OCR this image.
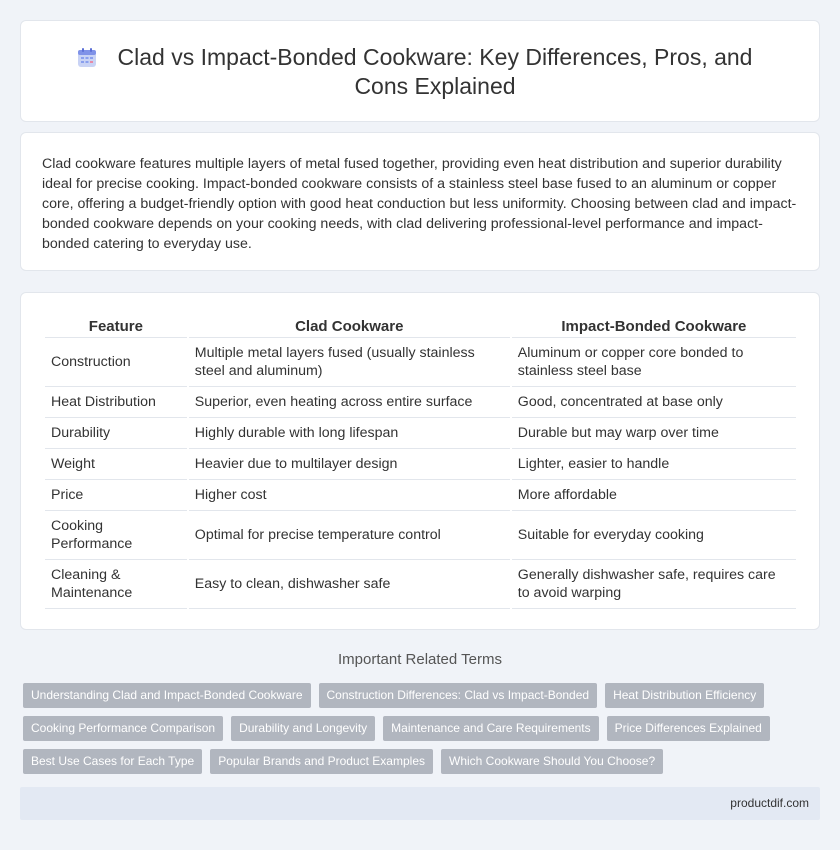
Clad vs Impact-Bonded Cookware: Key Differences, Pros, and Cons Explained

Clad cookware features multiple layers of metal fused together, providing even heat distribution and superior durability ideal for precise cooking. Impact-bonded cookware consists of a stainless steel base fused to an aluminum or copper core, offering a budget-friendly option with good heat conduction but less uniformity. Choosing between clad and impact-bonded cookware depends on your cooking needs, with clad delivering professional-level performance and impact-bonded catering to everyday use.

Feature	Clad Cookware	Impact-Bonded Cookware
Construction	Multiple metal layers fused (usually stainless steel and aluminum)	Aluminum or copper core bonded to stainless steel base
Heat Distribution	Superior, even heating across entire surface	Good, concentrated at base only
Durability	Highly durable with long lifespan	Durable but may warp over time
Weight	Heavier due to multilayer design	Lighter, easier to handle
Price	Higher cost	More affordable
Cooking Performance	Optimal for precise temperature control	Suitable for everyday cooking
Cleaning & Maintenance	Easy to clean, dishwasher safe	Generally dishwasher safe, requires care to avoid warping
Important Related Terms
Understanding Clad and Impact-Bonded Cookware	Construction Differences: Clad vs Impact-Bonded	Heat Distribution Efficiency
Cooking Performance Comparison	Durability and Longevity	Maintenance and Care Requirements	Price Differences Explained
Best Use Cases for Each Type	Popular Brands and Product Examples	Which Cookware Should You Choose?
productdif.com
